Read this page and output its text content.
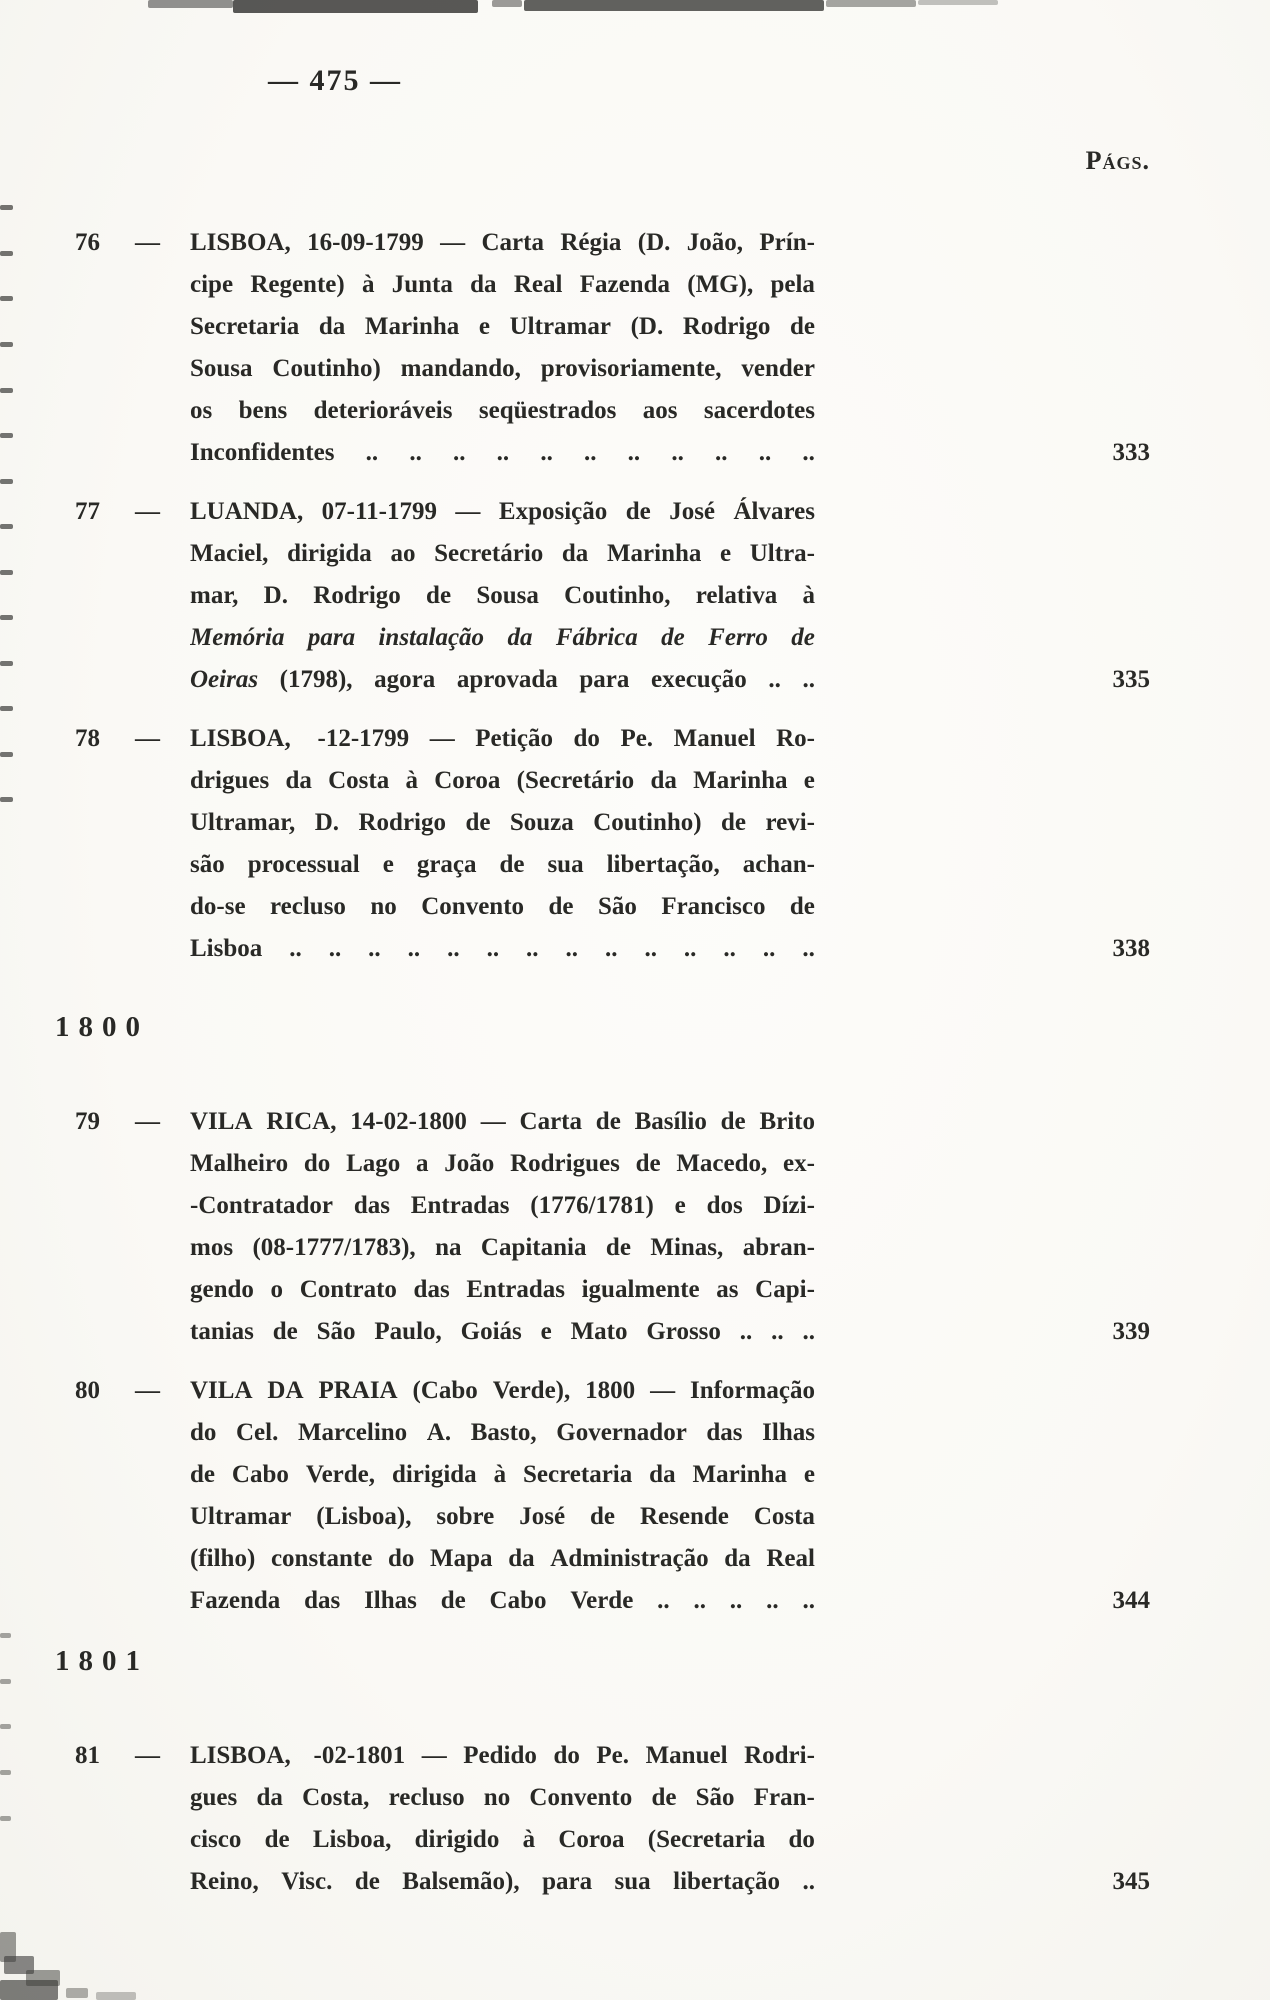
— 475 —
Págs.
76 — LISBOA, 16-09-1799 — Carta Régia (D. João, Prín-
cipe Regente) à Junta da Real Fazenda (MG), pela
Secretaria da Marinha e Ultramar (D. Rodrigo de
Sousa Coutinho) mandando, provisoriamente, vender
os bens deterioráveis seqüestrados aos sacerdotes
Inconfidentes .. .. .. .. .. .. .. .. .. .. ..	333
77 — LUANDA, 07-11-1799 — Exposição de José Álvares
Maciel, dirigida ao Secretário da Marinha e Ultra-
mar, D. Rodrigo de Sousa Coutinho, relativa à
Memória para instalação da Fábrica de Ferro de
Oeiras (1798), agora aprovada para execução .. ..	335
78 — LISBOA, -12-1799 — Petição do Pe. Manuel Ro-
drigues da Costa à Coroa (Secretário da Marinha e
Ultramar, D. Rodrigo de Souza Coutinho) de revi-
são processual e graça de sua libertação, achan-
do-se recluso no Convento de São Francisco de
Lisboa .. .. .. .. .. .. .. .. .. .. .. .. .. ..	338
1800
79 — VILA RICA, 14-02-1800 — Carta de Basílio de Brito
Malheiro do Lago a João Rodrigues de Macedo, ex-
-Contratador das Entradas (1776/1781) e dos Dízi-
mos (08-1777/1783), na Capitania de Minas, abran-
gendo o Contrato das Entradas igualmente as Capi-
tanias de São Paulo, Goiás e Mato Grosso .. .. ..	339
80 — VILA DA PRAIA (Cabo Verde), 1800 — Informação
do Cel. Marcelino A. Basto, Governador das Ilhas
de Cabo Verde, dirigida à Secretaria da Marinha e
Ultramar (Lisboa), sobre José de Resende Costa
(filho) constante do Mapa da Administração da Real
Fazenda das Ilhas de Cabo Verde .. .. .. .. ..	344
1801
81 — LISBOA, -02-1801 — Pedido do Pe. Manuel Rodri-
gues da Costa, recluso no Convento de São Fran-
cisco de Lisboa, dirigido à Coroa (Secretaria do
Reino, Visc. de Balsemão), para sua libertação ..	345
